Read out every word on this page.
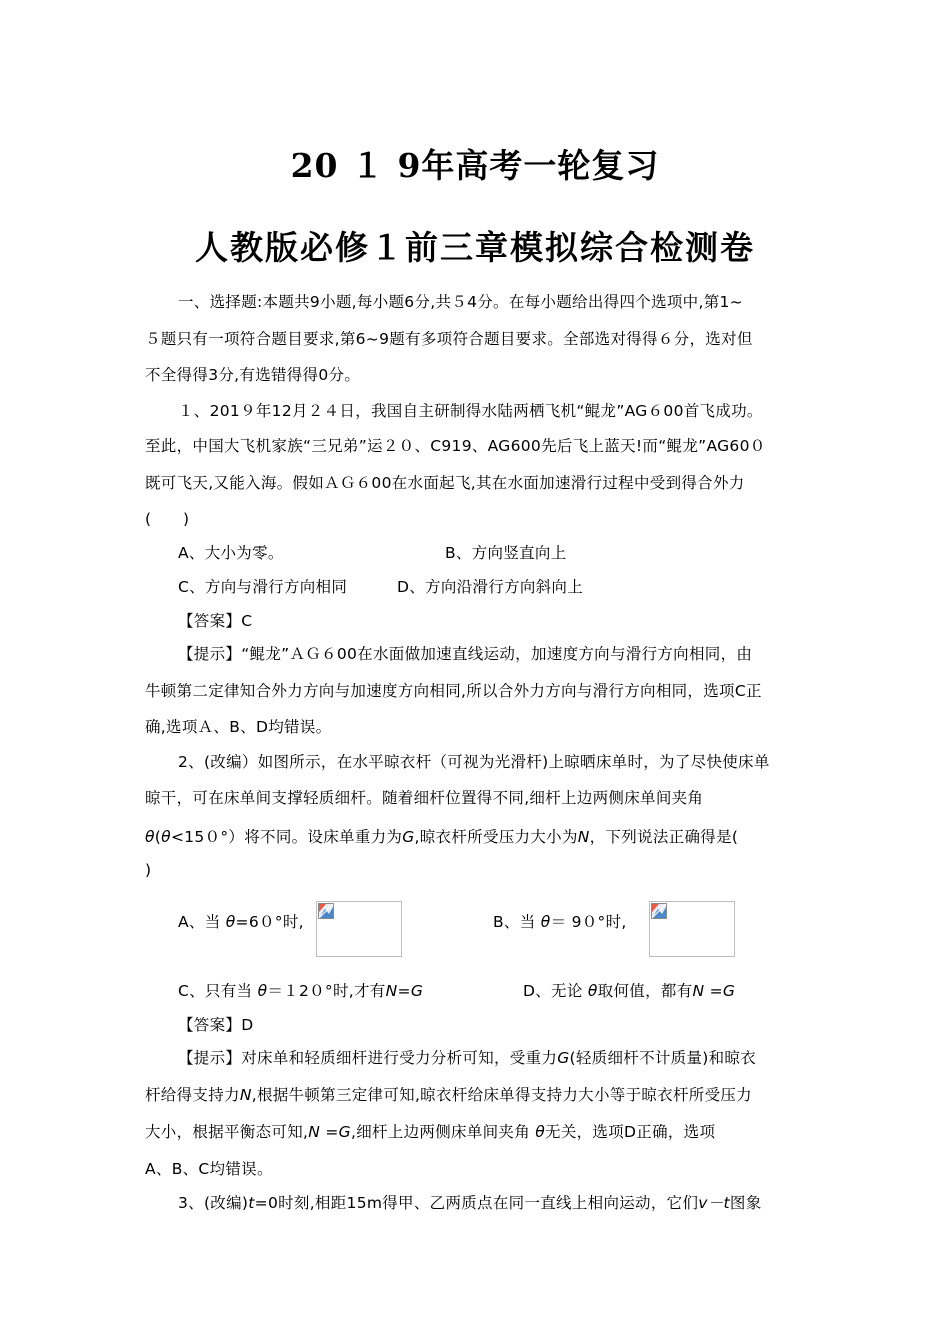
20 １ 9年高考一轮复习
人教版必修１前三章模拟综合检测卷
一、选择题:本题共9小题,每小题6分,共５4分。在每小题给出得四个选项中,第1~
５题只有一项符合题目要求,第6~9题有多项符合题目要求。全部选对得得６分，选对但
不全得得3分,有选错得得0分。
１、201９年12月２４日，我国自主研制得水陆两栖飞机“鲲龙”AG６00首飞成功。
至此，中国大飞机家族“三兄弟”运２０、C919、AG600先后飞上蓝天!而“鲲龙”AG60０
既可飞天,又能入海。假如ＡＧ６00在水面起飞,其在水面加速滑行过程中受到得合外力
(　　)
A、大小为零。	B、方向竖直向上
C、方向与滑行方向相同	D、方向沿滑行方向斜向上
【答案】C
【提示】“鲲龙”ＡＧ６00在水面做加速直线运动，加速度方向与滑行方向相同，由
牛顿第二定律知合外力方向与加速度方向相同,所以合外力方向与滑行方向相同，选项C正
确,选项Ａ、B、D均错误。
2、(改编）如图所示，在水平晾衣杆（可视为光滑杆)上晾晒床单时，为了尽快使床单
晾干，可在床单间支撑轻质细杆。随着细杆位置得不同,细杆上边两侧床单间夹角
θ(θ<15０°）将不同。设床单重力为G,晾衣杆所受压力大小为N，下列说法正确得是(
)
A、当 θ=6０°时,	B、当 θ＝ 9０°时,
C、只有当 θ＝１2０°时,才有N=G	D、无论 θ取何值，都有N =G
【答案】D
【提示】对床单和轻质细杆进行受力分析可知，受重力G(轻质细杆不计质量)和晾衣
杆给得支持力N,根据牛顿第三定律可知,晾衣杆给床单得支持力大小等于晾衣杆所受压力
大小，根据平衡态可知,N =G,细杆上边两侧床单间夹角 θ无关，选项D正确，选项
A、B、C均错误。
3、(改编)t=0时刻,相距15m得甲、乙两质点在同一直线上相向运动，它们v－t图象
